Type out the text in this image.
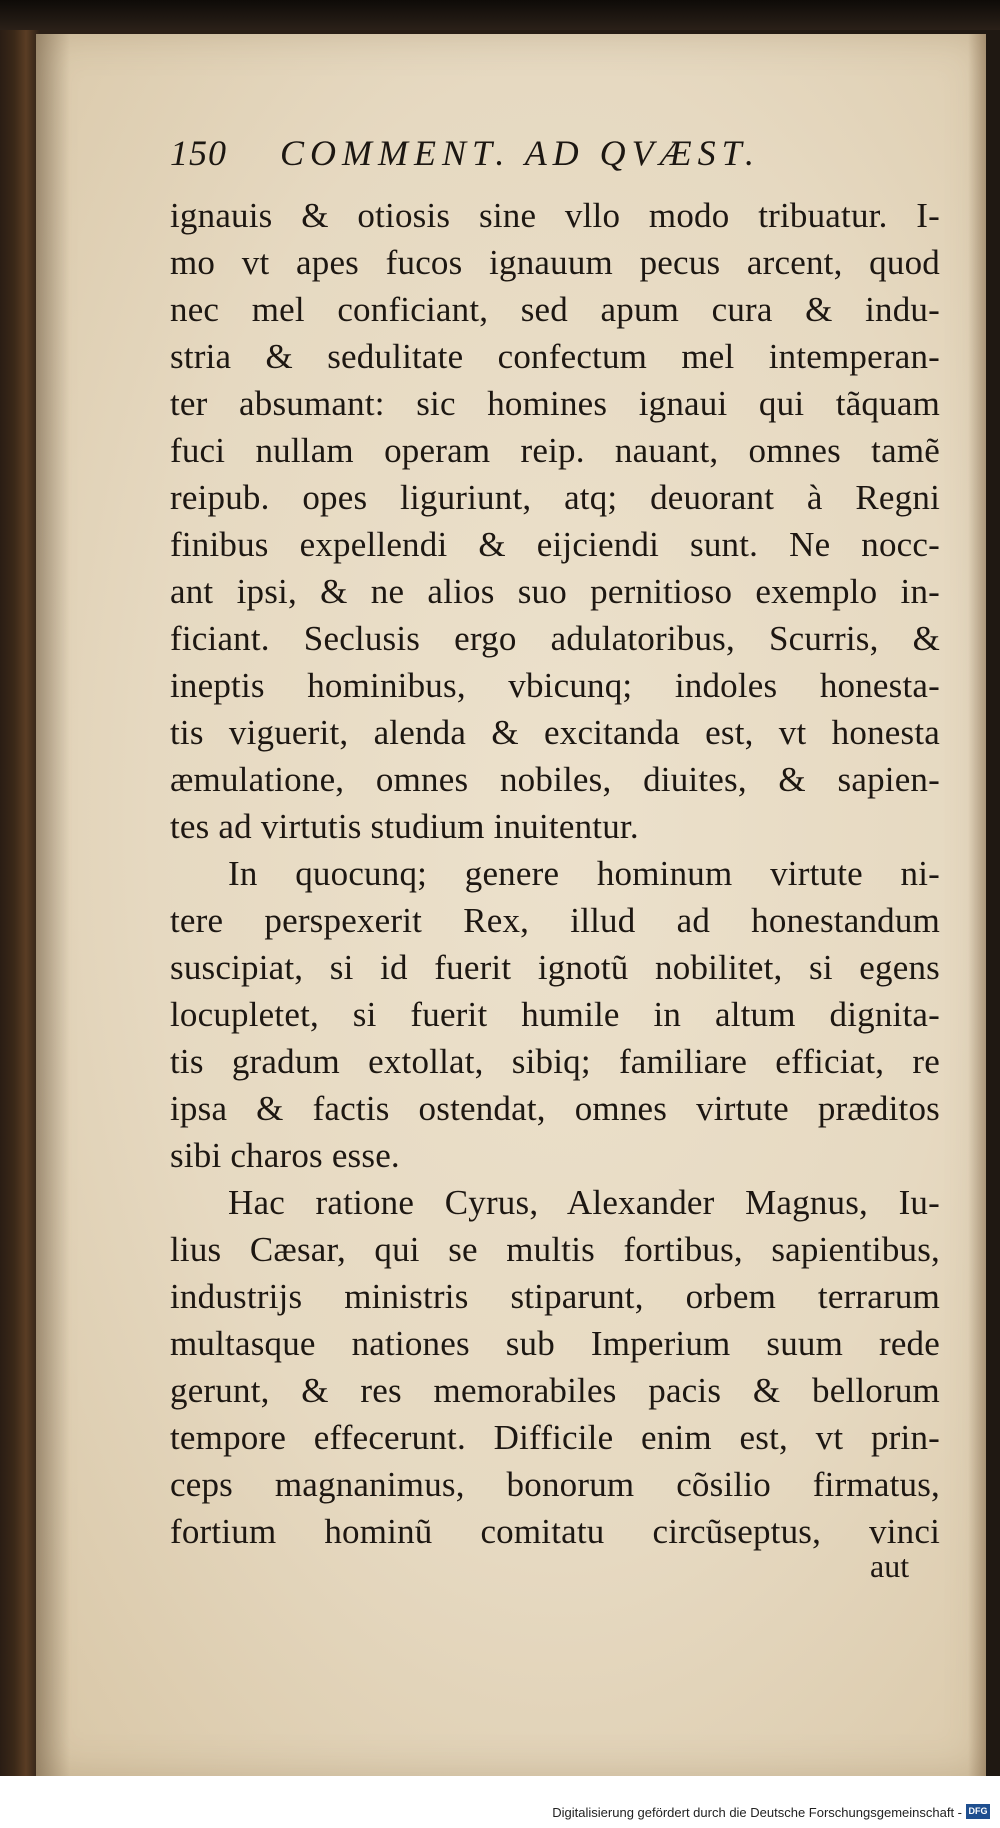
150 COMMENT. AD QVÆST.
ignauis & otiosis sine vllo modo tribuatur. I-
mo vt apes fucos ignauum pecus arcent, quod
nec mel conficiant, sed apum cura & indu-
stria & sedulitate confectum mel intemperan-
ter absumant: sic homines ignaui qui tãquam
fuci nullam operam reip. nauant, omnes tamẽ
reipub. opes liguriunt, atq; deuorant à Regni
finibus expellendi & eijciendi sunt. Ne nocc-
ant ipsi, & ne alios suo pernitioso exemplo in-
ficiant. Seclusis ergo adulatoribus, Scurris, &
ineptis hominibus, vbicunq; indoles honesta-
tis viguerit, alenda & excitanda est, vt honesta
æmulatione, omnes nobiles, diuites, & sapien-
tes ad virtutis studium inuitentur.
In quocunq; genere hominum virtute ni-
tere perspexerit Rex, illud ad honestandum
suscipiat, si id fuerit ignotũ nobilitet, si egens
locupletet, si fuerit humile in altum dignita-
tis gradum extollat, sibiq; familiare efficiat, re
ipsa & factis ostendat, omnes virtute præditos
sibi charos esse.
Hac ratione Cyrus, Alexander Magnus, Iu-
lius Cæsar, qui se multis fortibus, sapientibus,
industrijs ministris stiparunt, orbem terrarum
multasque nationes sub Imperium suum rede
gerunt, & res memorabiles pacis & bellorum
tempore effecerunt. Difficile enim est, vt prin-
ceps magnanimus, bonorum cõsilio firmatus,
fortium hominũ comitatu circũseptus, vinci
aut
Digitalisierung gefördert durch die Deutsche Forschungsgemeinschaft - DFG
